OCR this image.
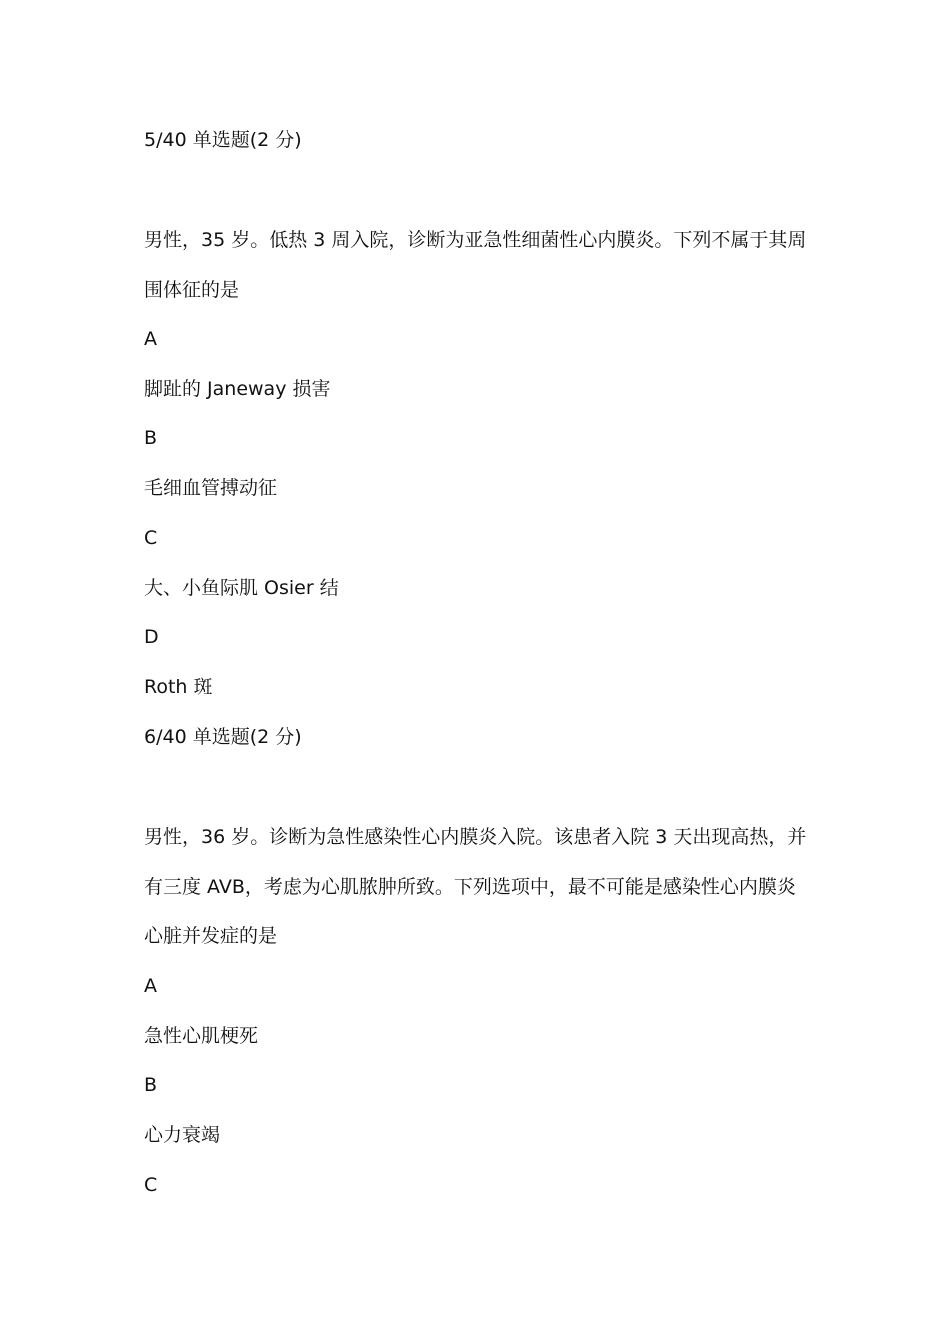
5/40 单选题(2 分)
男性，35 岁。低热 3 周入院，诊断为亚急性细菌性心内膜炎。下列不属于其周
围体征的是
A
脚趾的 Janeway 损害
B
毛细血管搏动征
C
大、小鱼际肌 Osier 结
D
Roth 斑
6/40 单选题(2 分)
男性，36 岁。诊断为急性感染性心内膜炎入院。该患者入院 3 天出现高热，并
有三度 AVB，考虑为心肌脓肿所致。下列选项中，最不可能是感染性心内膜炎
心脏并发症的是
A
急性心肌梗死
B
心力衰竭
C
